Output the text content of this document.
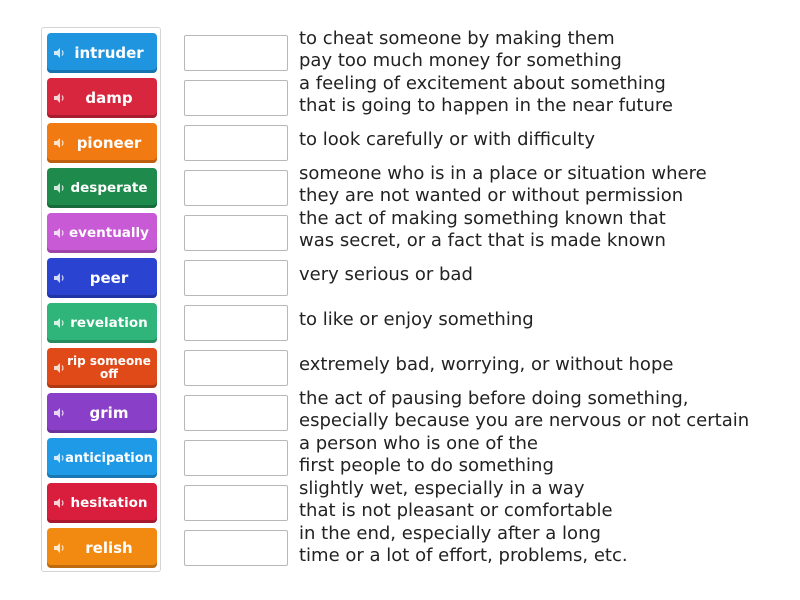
intruder
damp
pioneer
desperate
eventually
peer
revelation
rip someone off
grim
anticipation
hesitation
relish
to cheat someone by making them
pay too much money for something
a feeling of excitement about something
that is going to happen in the near future
to look carefully or with difficulty
someone who is in a place or situation where
they are not wanted or without permission
the act of making something known that
was secret, or a fact that is made known
very serious or bad
to like or enjoy something
extremely bad, worrying, or without hope
the act of pausing before doing something,
especially because you are nervous or not certain
a person who is one of the
first people to do something
slightly wet, especially in a way
that is not pleasant or comfortable
in the end, especially after a long
time or a lot of effort, problems, etc.
